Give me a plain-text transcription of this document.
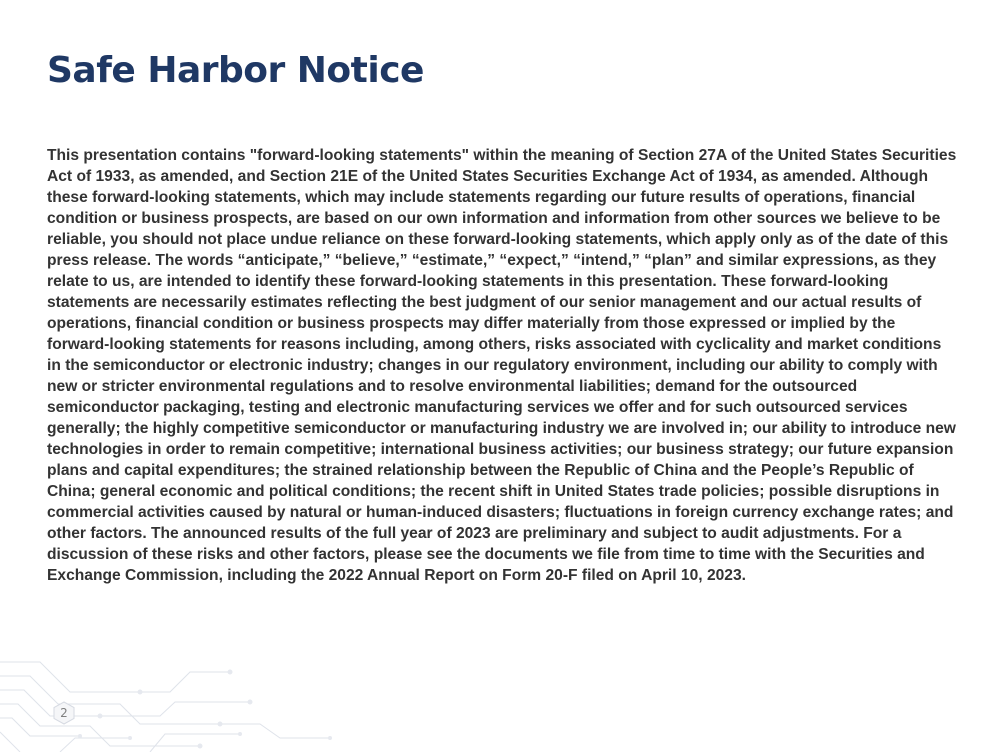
Safe Harbor Notice

This presentation contains "forward-looking statements" within the meaning of Section 27A of the United States Securities Act of 1933, as amended, and Section 21E of the United States Securities Exchange Act of 1934, as amended. Although these forward-looking statements, which may include statements regarding our future results of operations, financial condition or business prospects, are based on our own information and information from other sources we believe to be reliable, you should not place undue reliance on these forward-looking statements, which apply only as of the date of this press release. The words “anticipate,” “believe,” “estimate,” “expect,” “intend,” “plan” and similar expressions, as they relate to us, are intended to identify these forward-looking statements in this presentation. These forward-looking statements are necessarily estimates reflecting the best judgment of our senior management and our actual results of operations, financial condition or business prospects may differ materially from those expressed or implied by the forward-looking statements for reasons including, among others, risks associated with cyclicality and market conditions in the semiconductor or electronic industry; changes in our regulatory environment, including our ability to comply with new or stricter environmental regulations and to resolve environmental liabilities; demand for the outsourced semiconductor packaging, testing and electronic manufacturing services we offer and for such outsourced services generally; the highly competitive semiconductor or manufacturing industry we are involved in; our ability to introduce new technologies in order to remain competitive; international business activities; our business strategy; our future expansion plans and capital expenditures; the strained relationship between the Republic of China and the People’s Republic of China; general economic and political conditions; the recent shift in United States trade policies; possible disruptions in commercial activities caused by natural or human-induced disasters; fluctuations in foreign currency exchange rates; and other factors. The announced results of the full year of 2023 are preliminary and subject to audit adjustments. For a discussion of these risks and other factors, please see the documents we file from time to time with the Securities and Exchange Commission, including the 2022 Annual Report on Form 20-F filed on April 10, 2023.

2
